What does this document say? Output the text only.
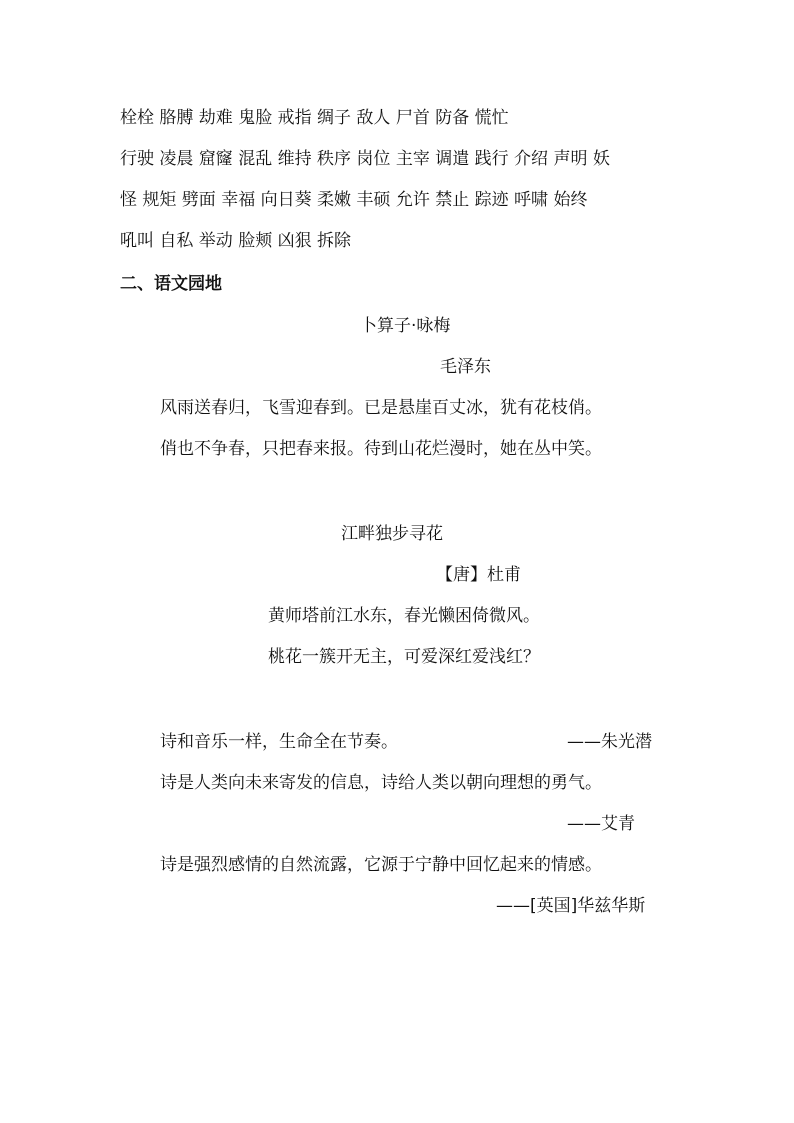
栓栓 胳膊 劫难 鬼脸 戒指 绸子 敌人 尸首 防备 慌忙
行驶 凌晨 窟窿 混乱 维持 秩序 岗位 主宰 调遣 践行 介绍 声明 妖
怪 规矩 劈面 幸福 向日葵 柔嫩 丰硕 允许 禁止 踪迹 呼啸 始终
吼叫 自私 举动 脸颊 凶狠 拆除
二、语文园地
卜算子·咏梅
毛泽东
风雨送春归，飞雪迎春到。已是悬崖百丈冰，犹有花枝俏。
俏也不争春，只把春来报。待到山花烂漫时，她在丛中笑。
江畔独步寻花
【唐】杜甫
黄师塔前江水东，春光懒困倚微风。
桃花一簇开无主，可爱深红爱浅红？
诗和音乐一样，生命全在节奏。	——朱光潜
诗是人类向未来寄发的信息，诗给人类以朝向理想的勇气。
——艾青
诗是强烈感情的自然流露，它源于宁静中回忆起来的情感。
——[英国]华兹华斯
